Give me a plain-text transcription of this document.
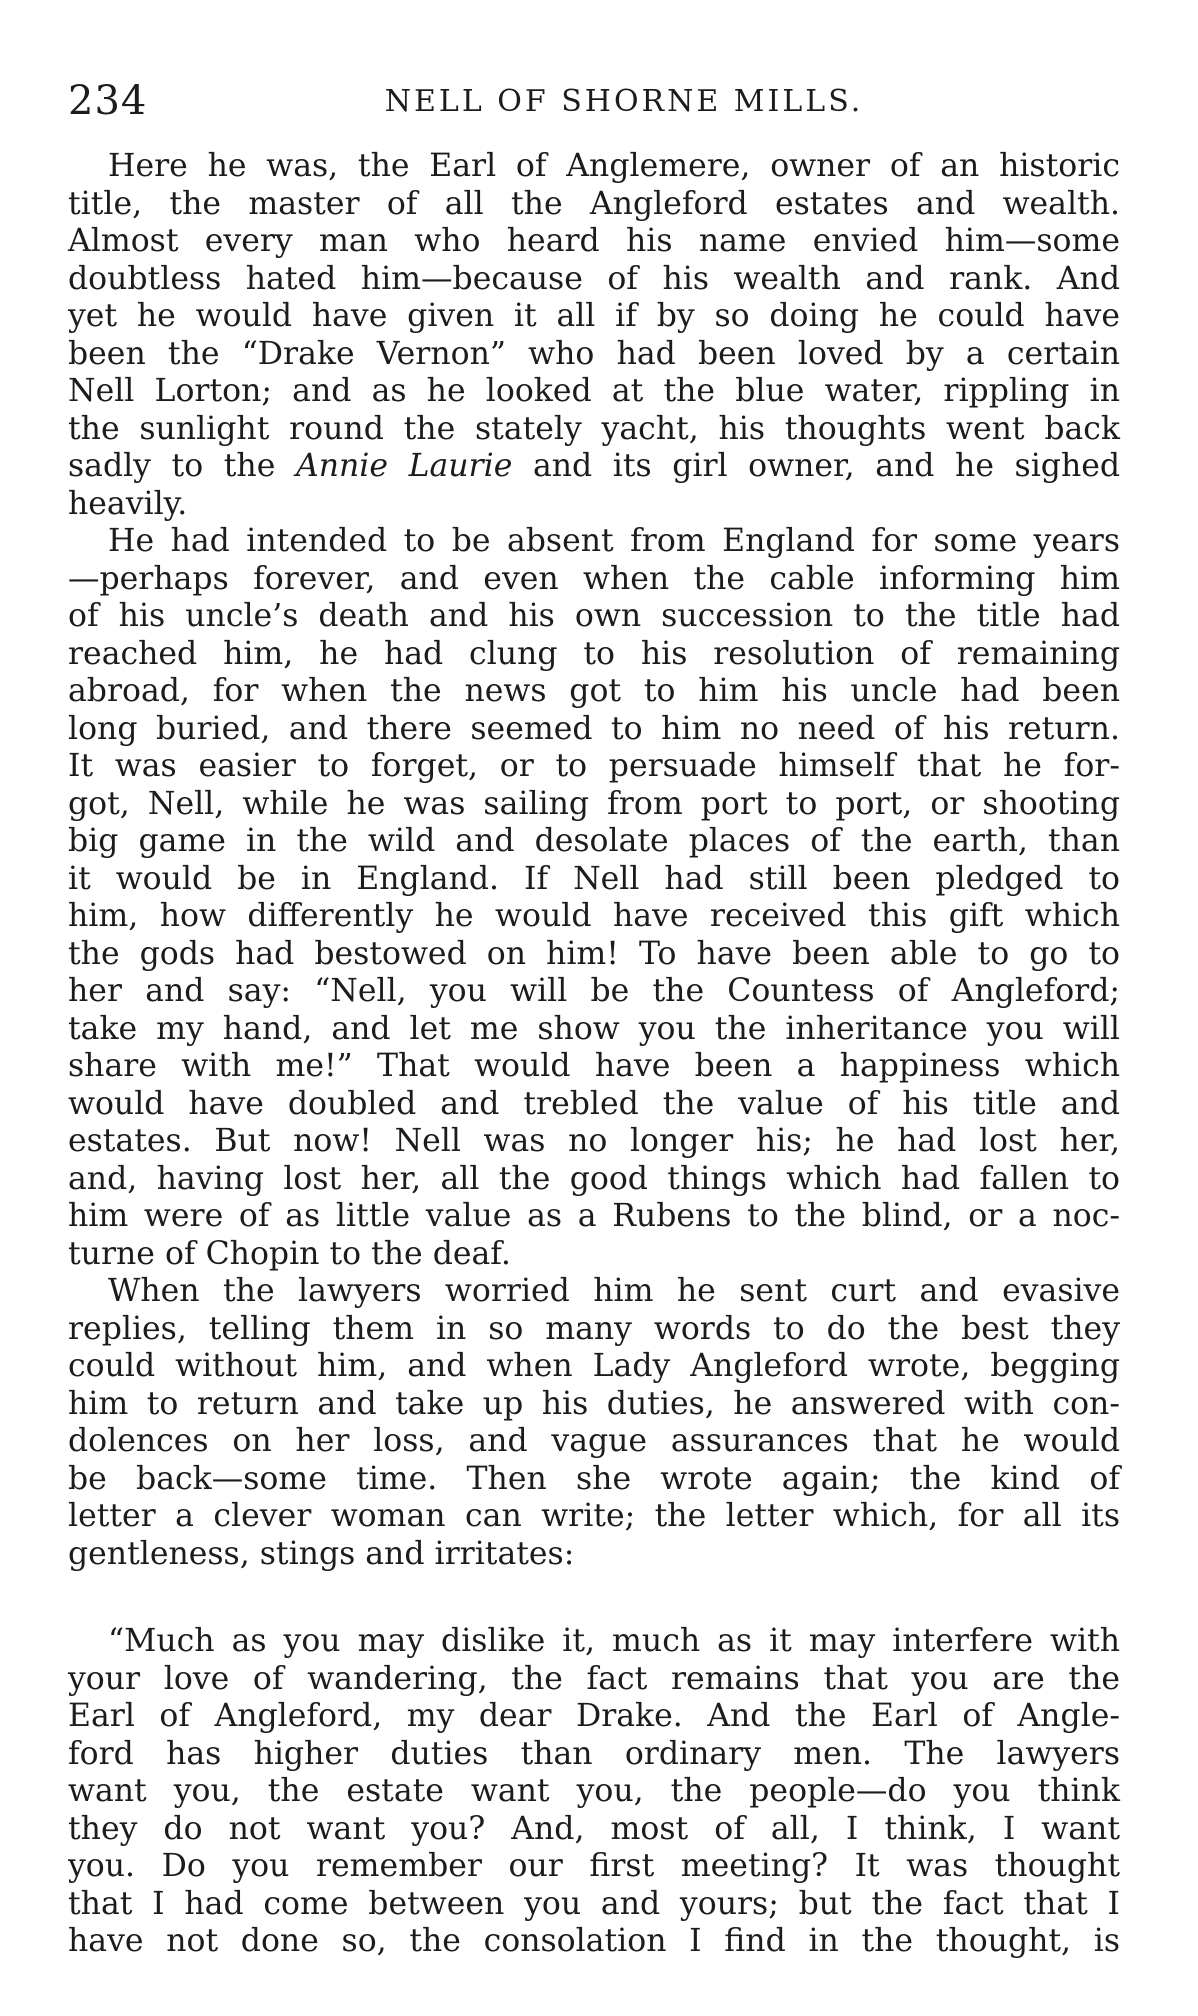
234	NELL OF SHORNE MILLS.
Here he was, the Earl of Anglemere, owner of an historic
title, the master of all the Angleford estates and wealth.
Almost every man who heard his name envied him—some
doubtless hated him—because of his wealth and rank. And
yet he would have given it all if by so doing he could have
been the “Drake Vernon” who had been loved by a certain
Nell Lorton; and as he looked at the blue water, rippling in
the sunlight round the stately yacht, his thoughts went back
sadly to the Annie Laurie and its girl owner, and he sighed
heavily.
He had intended to be absent from England for some years
—perhaps forever, and even when the cable informing him
of his uncle’s death and his own succession to the title had
reached him, he had clung to his resolution of remaining
abroad, for when the news got to him his uncle had been
long buried, and there seemed to him no need of his return.
It was easier to forget, or to persuade himself that he for-
got, Nell, while he was sailing from port to port, or shooting
big game in the wild and desolate places of the earth, than
it would be in England. If Nell had still been pledged to
him, how differently he would have received this gift which
the gods had bestowed on him! To have been able to go to
her and say: “Nell, you will be the Countess of Angleford;
take my hand, and let me show you the inheritance you will
share with me!” That would have been a happiness which
would have doubled and trebled the value of his title and
estates. But now! Nell was no longer his; he had lost her,
and, having lost her, all the good things which had fallen to
him were of as little value as a Rubens to the blind, or a noc-
turne of Chopin to the deaf.
When the lawyers worried him he sent curt and evasive
replies, telling them in so many words to do the best they
could without him, and when Lady Angleford wrote, begging
him to return and take up his duties, he answered with con-
dolences on her loss, and vague assurances that he would
be back—some time. Then she wrote again; the kind of
letter a clever woman can write; the letter which, for all its
gentleness, stings and irritates:
“Much as you may dislike it, much as it may interfere with
your love of wandering, the fact remains that you are the
Earl of Angleford, my dear Drake. And the Earl of Angle-
ford has higher duties than ordinary men. The lawyers
want you, the estate want you, the people—do you think
they do not want you? And, most of all, I think, I want
you. Do you remember our first meeting? It was thought
that I had come between you and yours; but the fact that I
have not done so, the consolation I find in the thought, is
